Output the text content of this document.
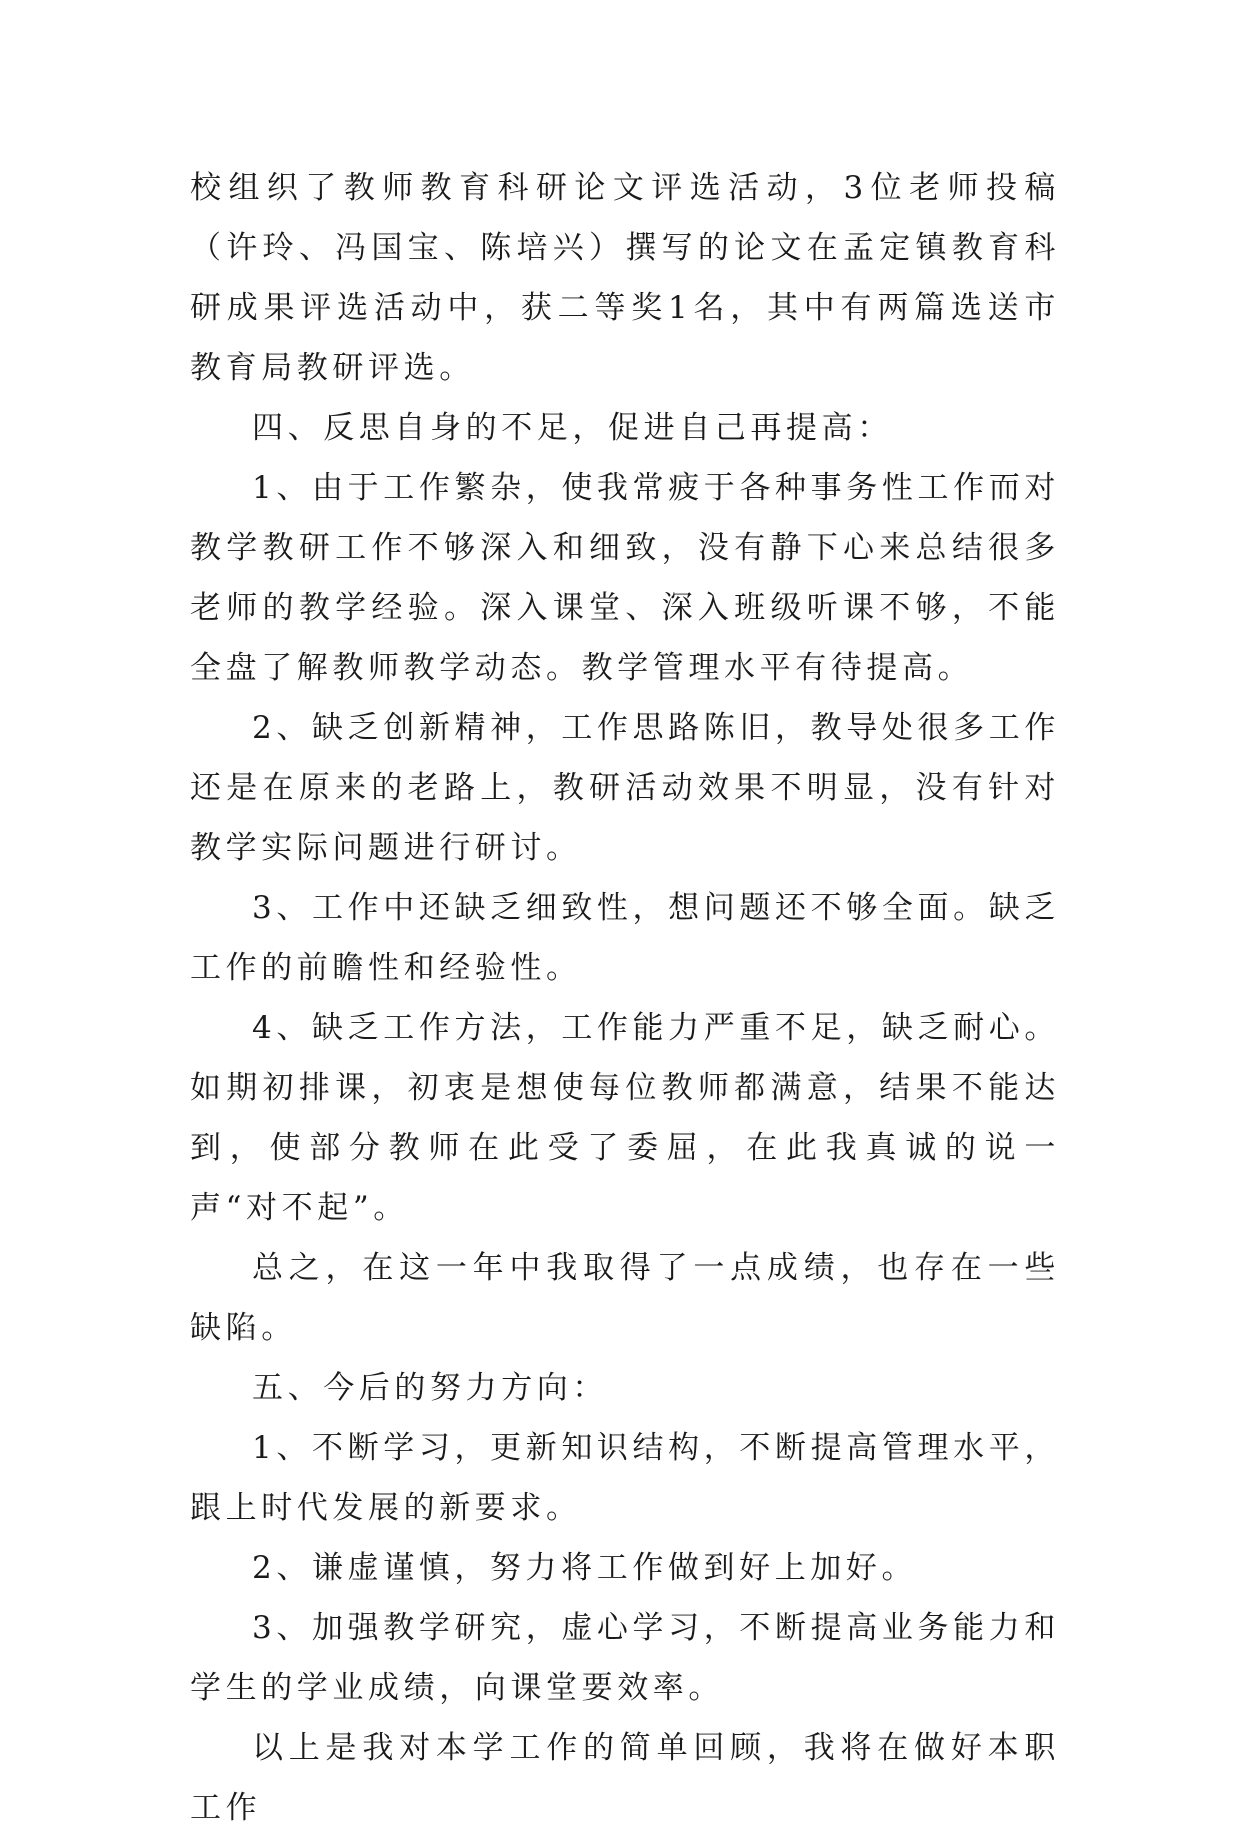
校组织了教师教育科研论文评选活动，3位老师投稿（许玲、冯国宝、陈培兴）撰写的论文在孟定镇教育科研成果评选活动中，获二等奖1名，其中有两篇选送市教育局教研评选。

四、反思自身的不足，促进自己再提高：

1、由于工作繁杂，使我常疲于各种事务性工作而对教学教研工作不够深入和细致，没有静下心来总结很多老师的教学经验。深入课堂、深入班级听课不够，不能全盘了解教师教学动态。教学管理水平有待提高。

2、缺乏创新精神，工作思路陈旧，教导处很多工作还是在原来的老路上，教研活动效果不明显，没有针对教学实际问题进行研讨。

3、工作中还缺乏细致性，想问题还不够全面。缺乏工作的前瞻性和经验性。

4、缺乏工作方法，工作能力严重不足，缺乏耐心。如期初排课，初衷是想使每位教师都满意，结果不能达到，使部分教师在此受了委屈，在此我真诚的说一声“对不起”。

总之，在这一年中我取得了一点成绩，也存在一些缺陷。

五、今后的努力方向：

1、不断学习，更新知识结构，不断提高管理水平，跟上时代发展的新要求。

2、谦虚谨慎，努力将工作做到好上加好。

3、加强教学研究，虚心学习，不断提高业务能力和学生的学业成绩，向课堂要效率。

以上是我对本学工作的简单回顾，我将在做好本职工作
